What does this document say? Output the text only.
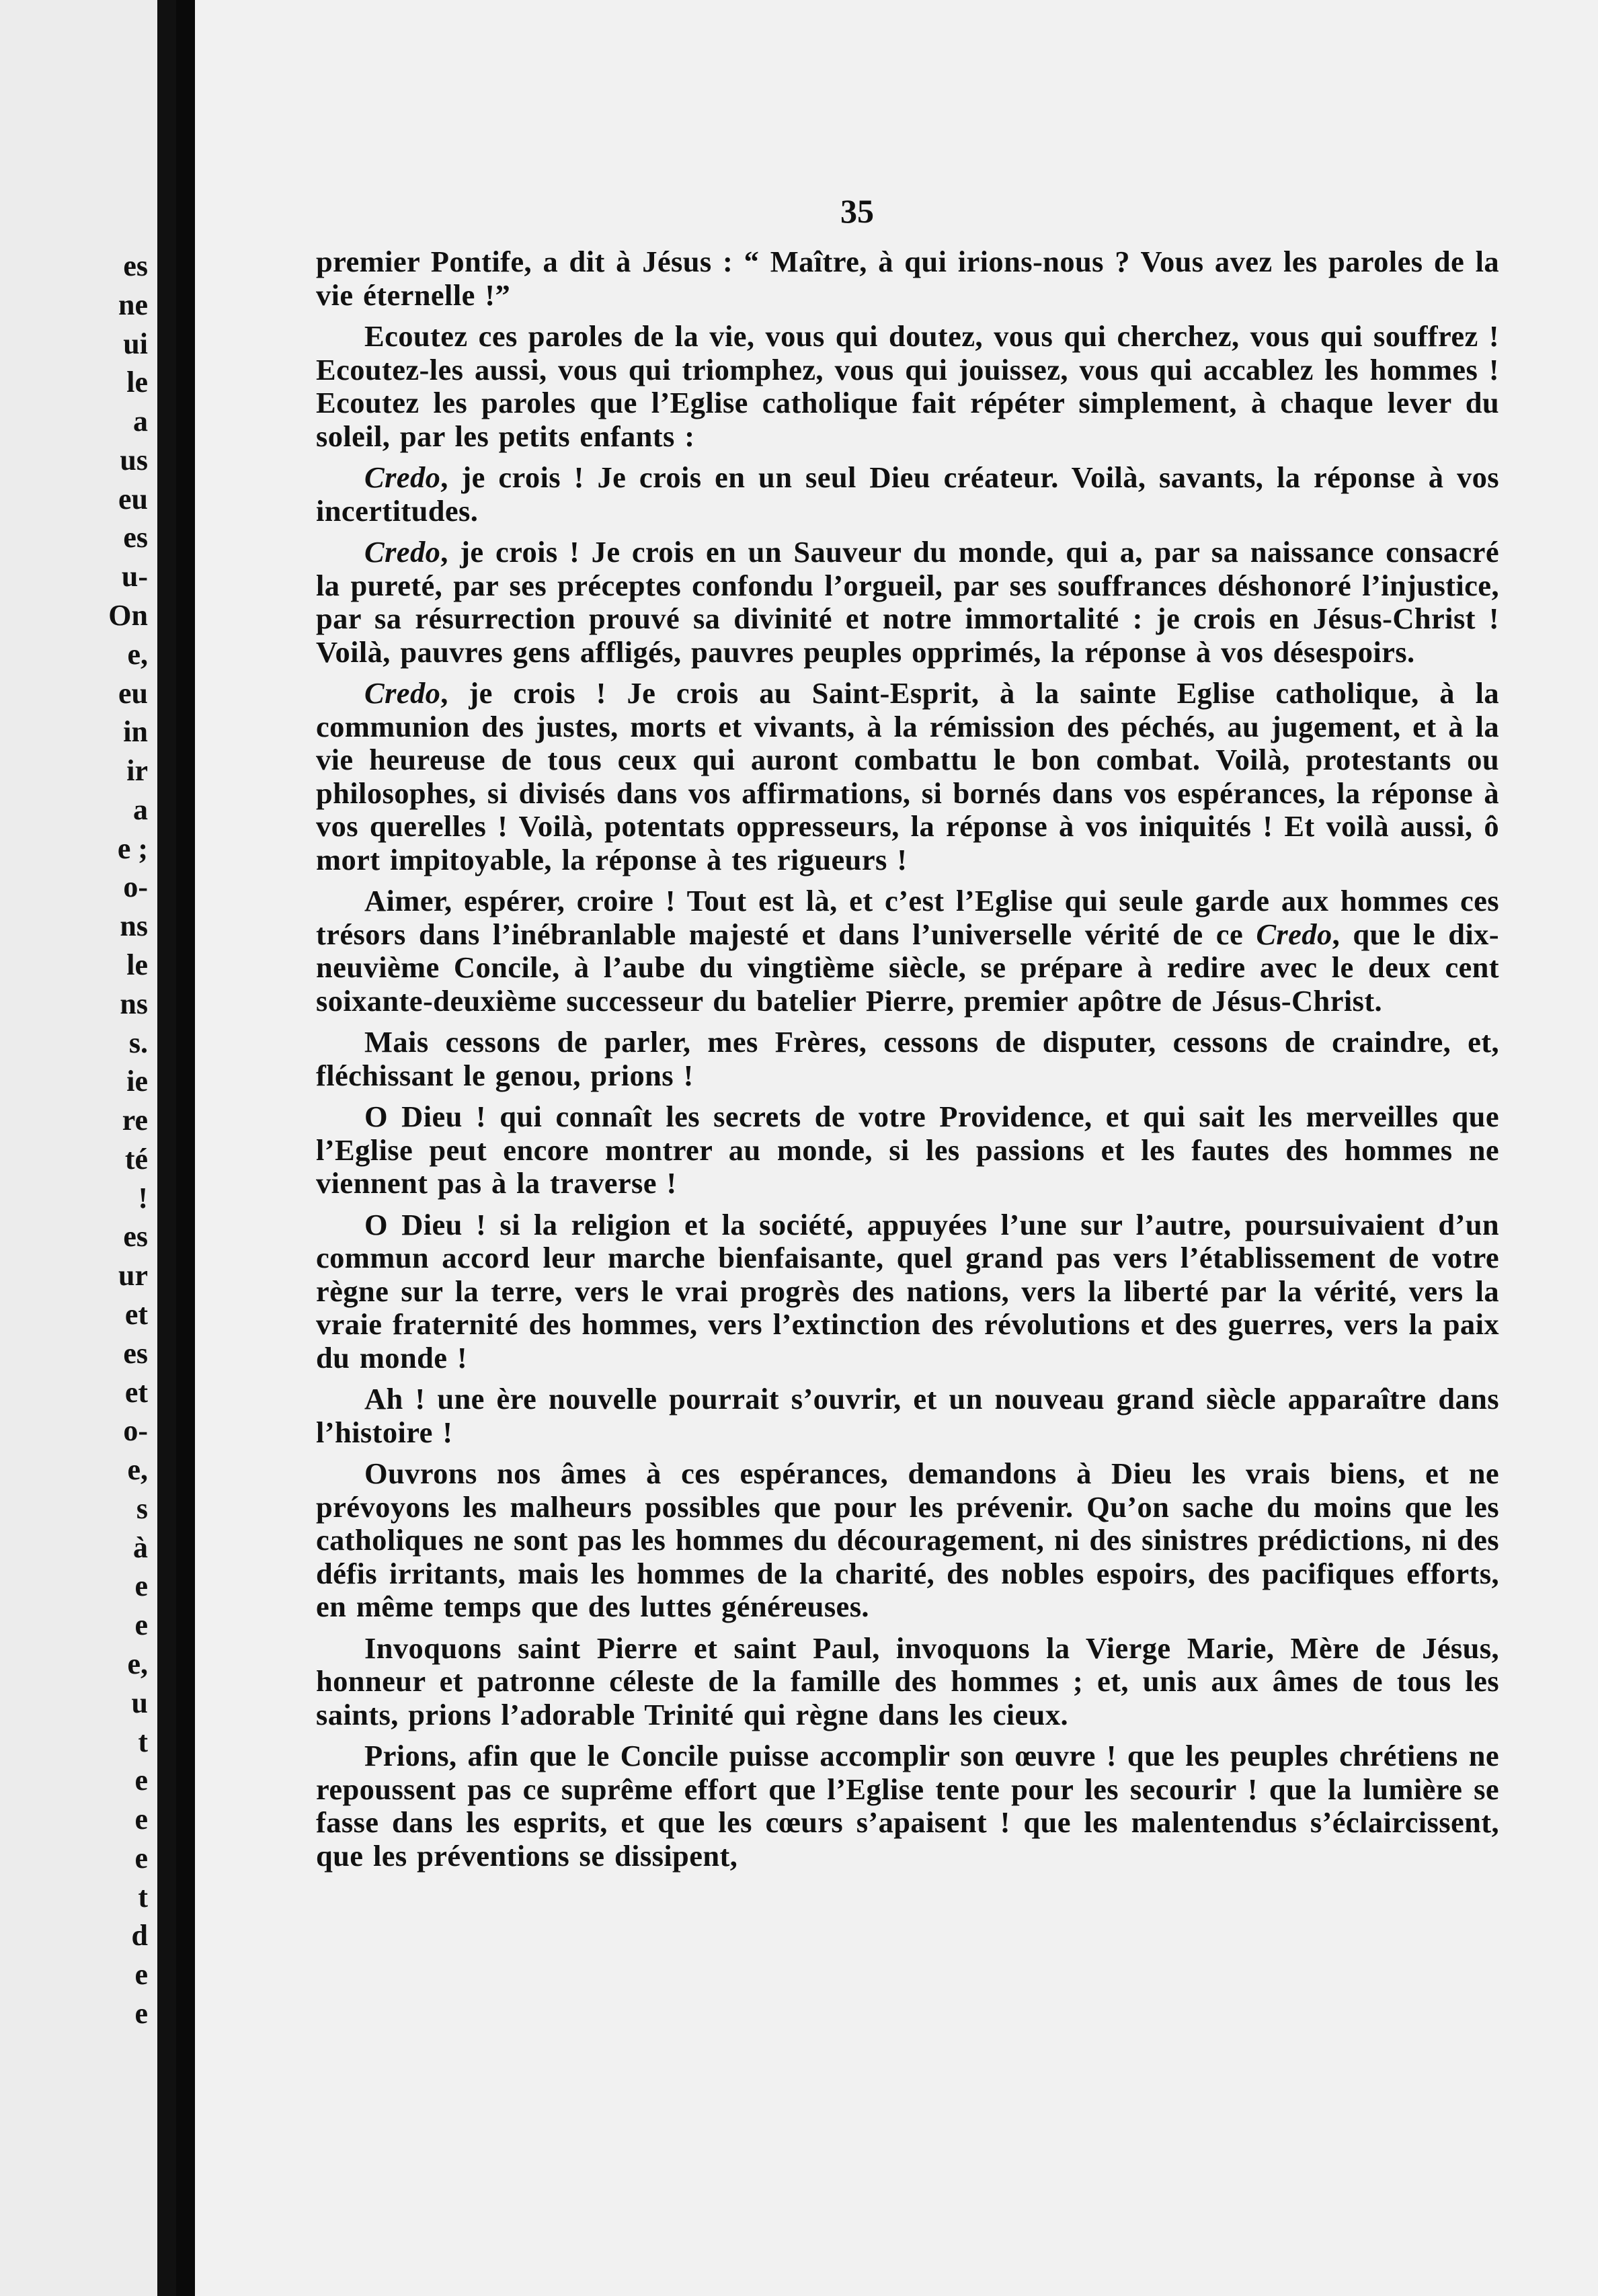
es
ne
ui
le
a
us
eu
es
u-
On
e,
eu
in
ir
a
e ;
o-
ns
le
ns
s.
ie
re
té
!
es
ur
et
es
et
o-
e,
s
à
e
e
e,
u
t
e
e
e
t
d
e
e
35

premier Pontife, a dit à Jésus : “ Maître, à qui irions-nous ? Vous avez les paroles de la vie éternelle !”

Ecoutez ces paroles de la vie, vous qui doutez, vous qui cherchez, vous qui souffrez ! Ecoutez-les aussi, vous qui triomphez, vous qui jouissez, vous qui accablez les hommes ! Ecoutez les paroles que l’Eglise catholique fait répéter simplement, à chaque lever du soleil, par les petits enfants :

Credo, je crois ! Je crois en un seul Dieu créateur. Voilà, savants, la réponse à vos incertitudes.

Credo, je crois ! Je crois en un Sauveur du monde, qui a, par sa naissance consacré la pureté, par ses préceptes confondu l’orgueil, par ses souffrances déshonoré l’injustice, par sa résurrection prouvé sa divinité et notre immortalité : je crois en Jésus-Christ ! Voilà, pauvres gens affligés, pauvres peuples opprimés, la réponse à vos désespoirs.

Credo, je crois ! Je crois au Saint-Esprit, à la sainte Eglise catholique, à la communion des justes, morts et vivants, à la rémission des péchés, au jugement, et à la vie heureuse de tous ceux qui auront combattu le bon combat. Voilà, protestants ou philosophes, si divisés dans vos affirmations, si bornés dans vos espérances, la réponse à vos querelles ! Voilà, potentats oppresseurs, la réponse à vos iniquités ! Et voilà aussi, ô mort impitoyable, la réponse à tes rigueurs !

Aimer, espérer, croire ! Tout est là, et c’est l’Eglise qui seule garde aux hommes ces trésors dans l’inébranlable majesté et dans l’universelle vérité de ce Credo, que le dix-neuvième Concile, à l’aube du vingtième siècle, se prépare à redire avec le deux cent soixante-deuxième successeur du batelier Pierre, premier apôtre de Jésus-Christ.

Mais cessons de parler, mes Frères, cessons de disputer, cessons de craindre, et, fléchissant le genou, prions !

O Dieu ! qui connaît les secrets de votre Providence, et qui sait les merveilles que l’Eglise peut encore montrer au monde, si les passions et les fautes des hommes ne viennent pas à la traverse !

O Dieu ! si la religion et la société, appuyées l’une sur l’autre, poursuivaient d’un commun accord leur marche bienfaisante, quel grand pas vers l’établissement de votre règne sur la terre, vers le vrai progrès des nations, vers la liberté par la vérité, vers la vraie fraternité des hommes, vers l’extinction des révolutions et des guerres, vers la paix du monde !

Ah ! une ère nouvelle pourrait s’ouvrir, et un nouveau grand siècle apparaître dans l’histoire !

Ouvrons nos âmes à ces espérances, demandons à Dieu les vrais biens, et ne prévoyons les malheurs possibles que pour les prévenir. Qu’on sache du moins que les catholiques ne sont pas les hommes du découragement, ni des sinistres prédictions, ni des défis irritants, mais les hommes de la charité, des nobles espoirs, des pacifiques efforts, en même temps que des luttes généreuses.

Invoquons saint Pierre et saint Paul, invoquons la Vierge Marie, Mère de Jésus, honneur et patronne céleste de la famille des hommes ; et, unis aux âmes de tous les saints, prions l’adorable Trinité qui règne dans les cieux.

Prions, afin que le Concile puisse accomplir son œuvre ! que les peuples chrétiens ne repoussent pas ce suprême effort que l’Eglise tente pour les secourir ! que la lumière se fasse dans les esprits, et que les cœurs s’apaisent ! que les malentendus s’éclaircissent, que les préventions se dissipent,
